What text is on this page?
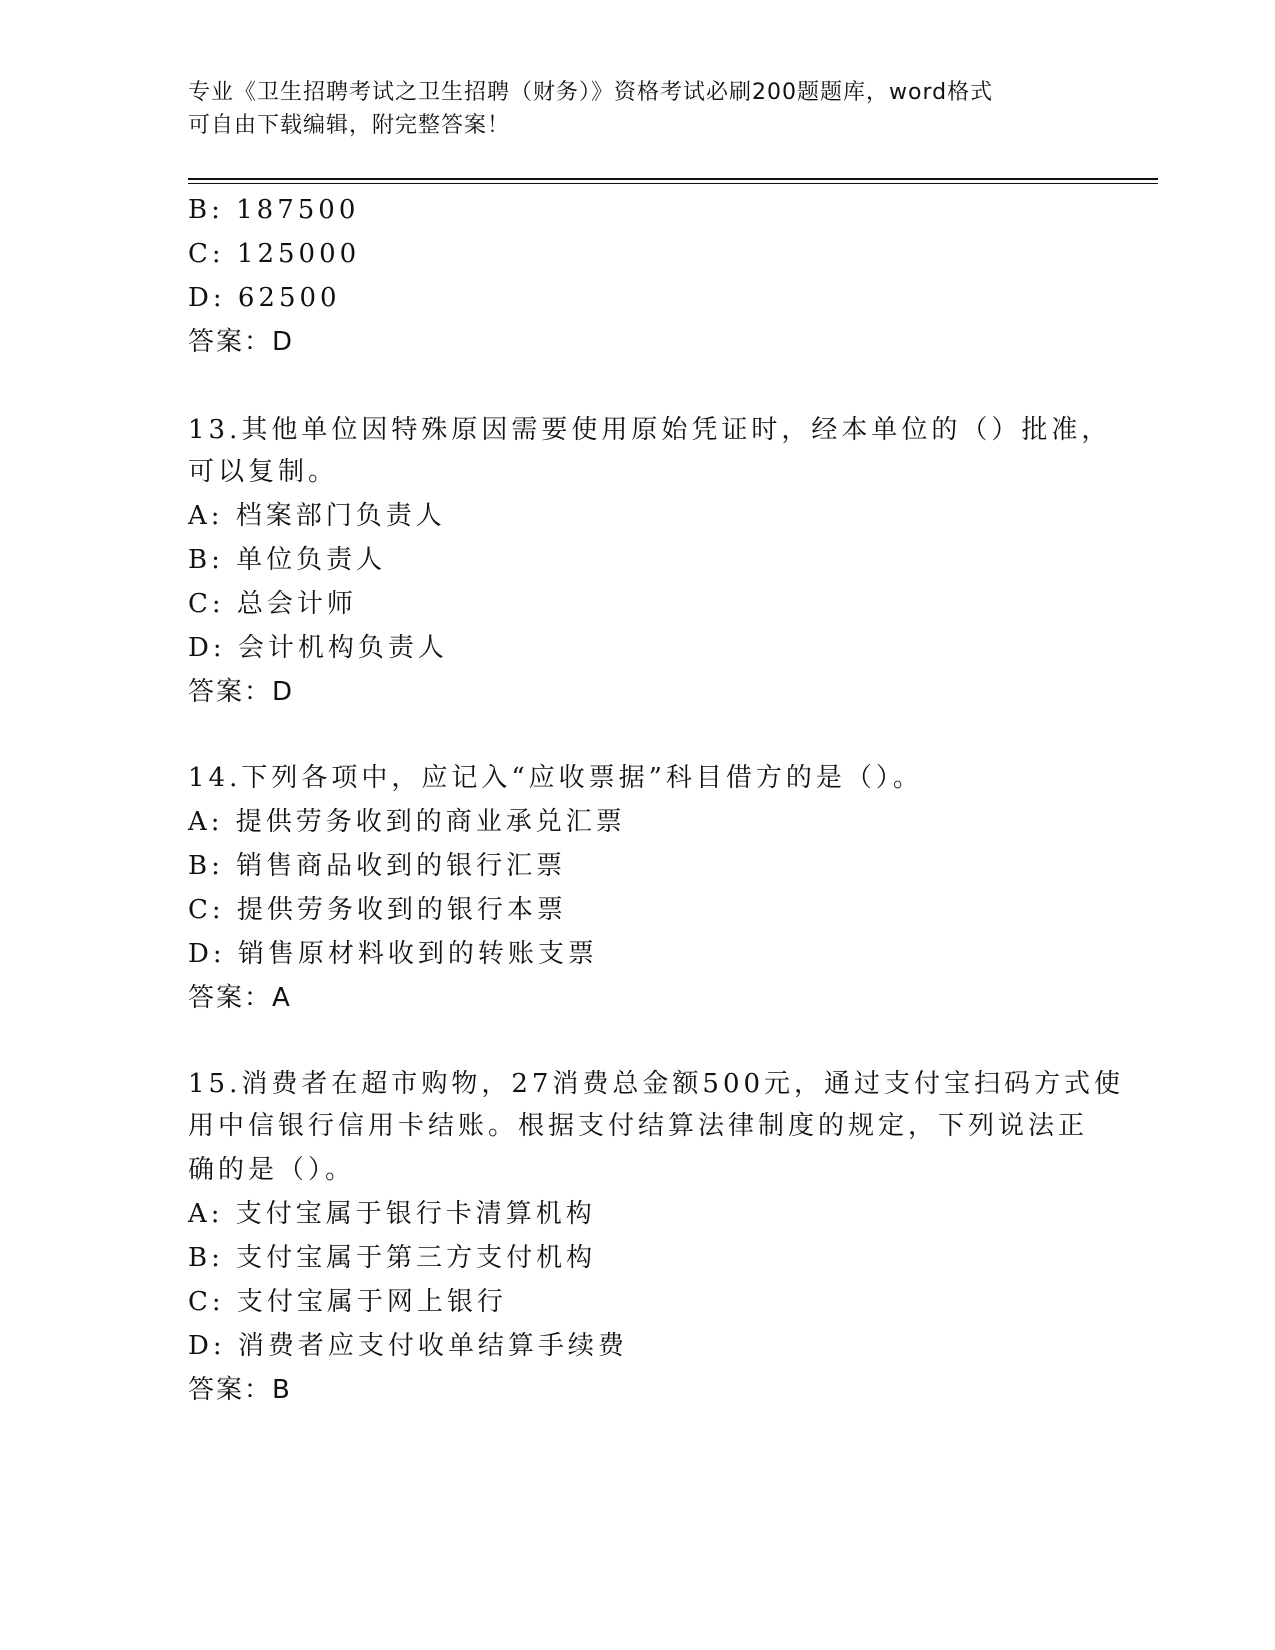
专业《卫生招聘考试之卫生招聘（财务）》资格考试必刷200题题库，word格式
可自由下载编辑，附完整答案！
B: 187500
C: 125000
D: 62500
答案：D
13.其他单位因特殊原因需要使用原始凭证时，经本单位的（）批准，
可以复制。
A: 档案部门负责人
B: 单位负责人
C: 总会计师
D: 会计机构负责人
答案：D
14.下列各项中，应记入“应收票据”科目借方的是（）。
A: 提供劳务收到的商业承兑汇票
B: 销售商品收到的银行汇票
C: 提供劳务收到的银行本票
D: 销售原材料收到的转账支票
答案：A
15.消费者在超市购物，27消费总金额500元，通过支付宝扫码方式使
用中信银行信用卡结账。根据支付结算法律制度的规定，下列说法正
确的是（）。
A: 支付宝属于银行卡清算机构
B: 支付宝属于第三方支付机构
C: 支付宝属于网上银行
D: 消费者应支付收单结算手续费
答案：B
